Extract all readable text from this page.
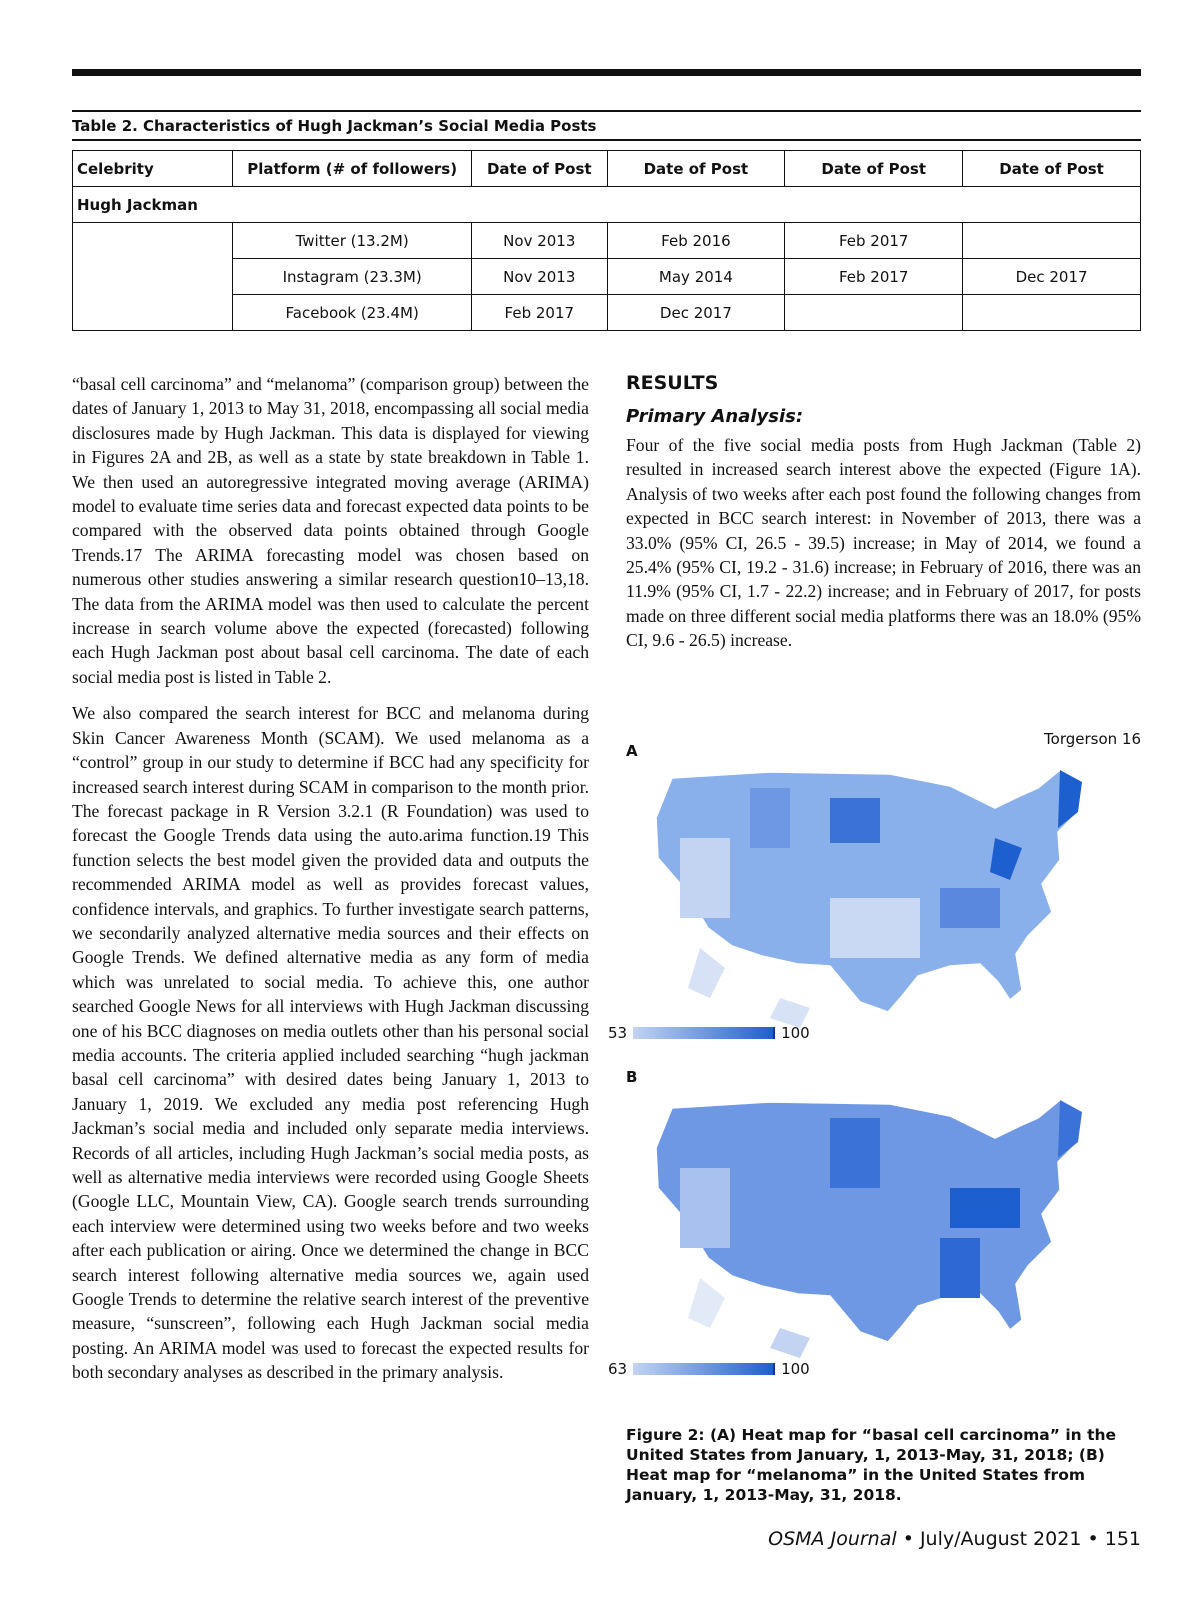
Table 2. Characteristics of Hugh Jackman’s Social Media Posts
Celebrity	Platform (# of followers)	Date of Post	Date of Post	Date of Post	Date of Post
Hugh Jackman					
	Twitter (13.2M)	Nov 2013	Feb 2016	Feb 2017	
	Instagram (23.3M)	Nov 2013	May 2014	Feb 2017	Dec 2017
	Facebook (23.4M)	Feb 2017	Dec 2017		

“basal cell carcinoma” and “melanoma” (comparison group) between the dates of January 1, 2013 to May 31, 2018, encompassing all social media disclosures made by Hugh Jackman. This data is displayed for viewing in Figures 2A and 2B, as well as a state by state breakdown in Table 1. We then used an autoregressive integrated moving average (ARIMA) model to evaluate time series data and forecast expected data points to be compared with the observed data points obtained through Google Trends.17 The ARIMA forecasting model was chosen based on numerous other studies answering a similar research question10–13,18. The data from the ARIMA model was then used to calculate the percent increase in search volume above the expected (forecasted) following each Hugh Jackman post about basal cell carcinoma. The date of each social media post is listed in Table 2.

We also compared the search interest for BCC and melanoma during Skin Cancer Awareness Month (SCAM). We used melanoma as a “control” group in our study to determine if BCC had any specificity for increased search interest during SCAM in comparison to the month prior. The forecast package in R Version 3.2.1 (R Foundation) was used to forecast the Google Trends data using the auto.arima function.19 This function selects the best model given the provided data and outputs the recommended ARIMA model as well as provides forecast values, confidence intervals, and graphics. To further investigate search patterns, we secondarily analyzed alternative media sources and their effects on Google Trends. We defined alternative media as any form of media which was unrelated to social media. To achieve this, one author searched Google News for all interviews with Hugh Jackman discussing one of his BCC diagnoses on media outlets other than his personal social media accounts. The criteria applied included searching “hugh jackman basal cell carcinoma” with desired dates being January 1, 2013 to January 1, 2019. We excluded any media post referencing Hugh Jackman’s social media and included only separate media interviews. Records of all articles, including Hugh Jackman’s social media posts, as well as alternative media interviews were recorded using Google Sheets (Google LLC, Mountain View, CA). Google search trends surrounding each interview were determined using two weeks before and two weeks after each publication or airing. Once we determined the change in BCC search interest following alternative media sources we, again used Google Trends to determine the relative search interest of the preventive measure, “sunscreen”, following each Hugh Jackman social media posting. An ARIMA model was used to forecast the expected results for both secondary analyses as described in the primary analysis.

RESULTS
Primary Analysis:

Four of the five social media posts from Hugh Jackman (Table 2) resulted in increased search interest above the expected (Figure 1A). Analysis of two weeks after each post found the following changes from expected in BCC search interest: in November of 2013, there was a 33.0% (95% CI, 26.5 - 39.5) increase; in May of 2014, we found a 25.4% (95% CI, 19.2 - 31.6) increase; in February of 2016, there was an 11.9% (95% CI, 1.7 - 22.2) increase; and in February of 2017, for posts made on three different social media platforms there was an 18.0% (95% CI, 9.6 - 26.5) increase.

Torgerson 16
A
53	100
B
63	100
Figure 2: (A) Heat map for “basal cell carcinoma” in the United States from January, 1, 2013-May, 31, 2018; (B) Heat map for “melanoma” in the United States from January, 1, 2013-May, 31, 2018.
OSMA Journal • July/August 2021 • 151
